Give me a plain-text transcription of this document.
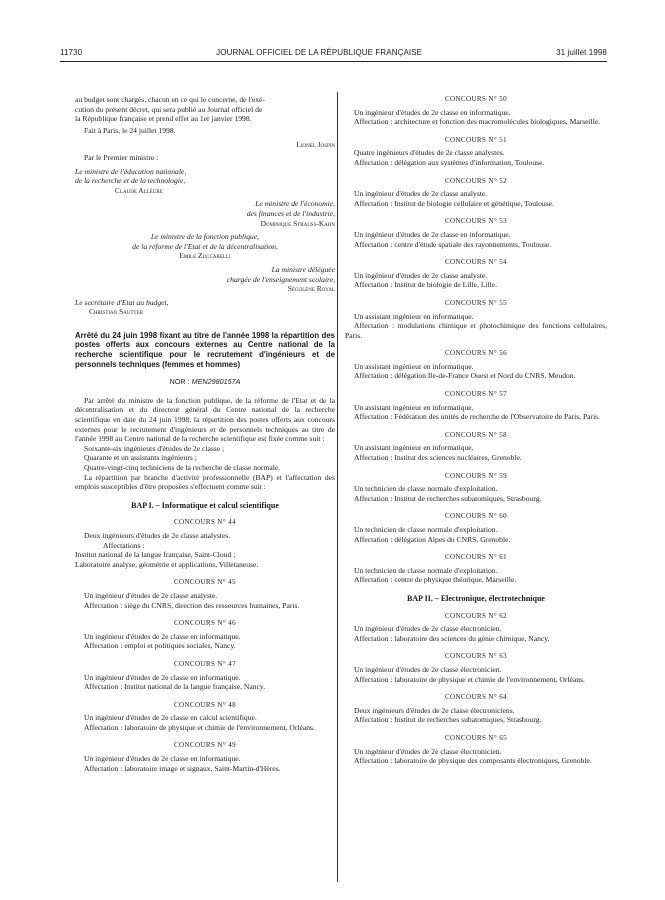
11730	JOURNAL OFFICIEL DE LA RÉPUBLIQUE FRANÇAISE	31 juillet 1998

au budget sont chargés, chacun en ce qui le concerne, de l'exé-

cution du présent décret, qui sera publié au Journal officiel de

la République française et prend effet au 1er janvier 1998.

Fait à Paris, le 24 juillet 1998.

Lionel Jospin

Par le Premier ministre :

Le ministre de l'éducation nationale,

de la recherche et de la technologie,

Claude Allègre

Le ministre de l'économie,

des finances et de l'industrie,

Dominique Strauss-Kahn

Le ministre de la fonction publique,

de la réforme de l'Etat et de la décentralisation,

Emile Zuccarelli

La ministre déléguée

chargée de l'enseignement scolaire,

Ségolène Royal

Le secrétaire d'Etat au budget,

Christian Sautter

Arrêté du 24 juin 1998 fixant au titre de l'année 1998 la répartition des postes offerts aux concours externes au Centre national de la recherche scientifique pour le recrutement d'ingénieurs et de personnels techniques (femmes et hommes)

NOR : MEN2980157A

Par arrêté du ministre de la fonction publique, de la réforme de l'Etat et de la décentralisation et du directeur général du Centre national de la recherche scientifique en date du 24 juin 1998, la répartition des postes offerts aux concours externes pour le recrutement d'ingénieurs et de personnels techniques au titre de l'année 1998 au Centre national de la recherche scientifique est fixée comme suit :

Soixante-six ingénieurs d'études de 2e classe ;

Quarante et un assistants ingénieurs ;

Quatre-vingt-cinq techniciens de la recherche de classe normale.

La répartition par branche d'activité professionnelle (BAP) et l'affectation des emplois susceptibles d'être proposées s'effectuent comme suit :

BAP I. – Informatique et calcul scientifique

CONCOURS N° 44

Deux ingénieurs d'études de 2e classe analystes.

Affectations :

Institut national de la langue française, Saint-Cloud ;

Laboratoire analyse, géométrie et applications, Villetaneuse.

CONCOURS N° 45

Un ingénieur d'études de 2e classe analyste.

Affectation : siège du CNRS, direction des ressources humaines, Paris.

CONCOURS N° 46

Un ingénieur d'études de 2e classe en informatique.

Affectation : emploi et politiques sociales, Nancy.

CONCOURS N° 47

Un ingénieur d'études de 2e classe en informatique.

Affectation : Institut national de la langue française, Nancy.

CONCOURS N° 48

Un ingénieur d'études de 2e classe en calcul scientifique.

Affectation : laboratoire de physique et chimie de l'environnement, Orléans.

CONCOURS N° 49

Un ingénieur d'études de 2e classe en informatique.

Affectation : laboratoire image et signaux, Saint-Martin-d'Hères.

CONCOURS N° 50

Un ingénieur d'études de 2e classe en informatique.

Affectation : architecture et fonction des macromolécules biologiques, Marseille.

CONCOURS N° 51

Quatre ingénieurs d'études de 2e classe analystes.

Affectation : délégation aux systèmes d'information, Toulouse.

CONCOURS N° 52

Un ingénieur d'études de 2e classe analyste.

Affectation : Institut de biologie cellulaire et génétique, Toulouse.

CONCOURS N° 53

Un ingénieur d'études de 2e classe en informatique.

Affectation : centre d'étude spatiale des rayonnements, Toulouse.

CONCOURS N° 54

Un ingénieur d'études de 2e classe analyste.

Affectation : Institut de biologie de Lille, Lille.

CONCOURS N° 55

Un assistant ingénieur en informatique.

Affectation : modulations chimique et photochimique des fonctions cellulaires, Paris.

CONCOURS N° 56

Un assistant ingénieur en informatique.

Affectation : délégation Ile-de-France Ouest et Nord du CNRS, Meudon.

CONCOURS N° 57

Un assistant ingénieur en informatique.

Affectation : Fédération des unités de recherche de l'Observatoire de Paris, Paris.

CONCOURS N° 58

Un assistant ingénieur en informatique.

Affectation : Institut des sciences nucléaires, Grenoble.

CONCOURS N° 59

Un technicien de classe normale d'exploitation.

Affectation : Institut de recherches subatomiques, Strasbourg.

CONCOURS N° 60

Un technicien de classe normale d'exploitation.

Affectation : délégation Alpes du CNRS, Grenoble.

CONCOURS N° 61

Un technicien de classe normale d'exploitation.

Affectation : centre de physique théorique, Marseille.

BAP II. – Electronique, électrotechnique

CONCOURS N° 62

Un ingénieur d'études de 2e classe électronicien.

Affectation : laboratoire des sciences du génie chimique, Nancy.

CONCOURS N° 63

Un ingénieur d'études de 2e classe électronicien.

Affectation : laboratoire de physique et chimie de l'environnement, Orléans.

CONCOURS N° 64

Deux ingénieurs d'études de 2e classe électroniciens.

Affectation : Institut de recherches subatomiques, Strasbourg.

CONCOURS N° 65

Un ingénieur d'études de 2e classe électronicien.

Affectation : laboratoire de physique des composants électroniques, Grenoble.
